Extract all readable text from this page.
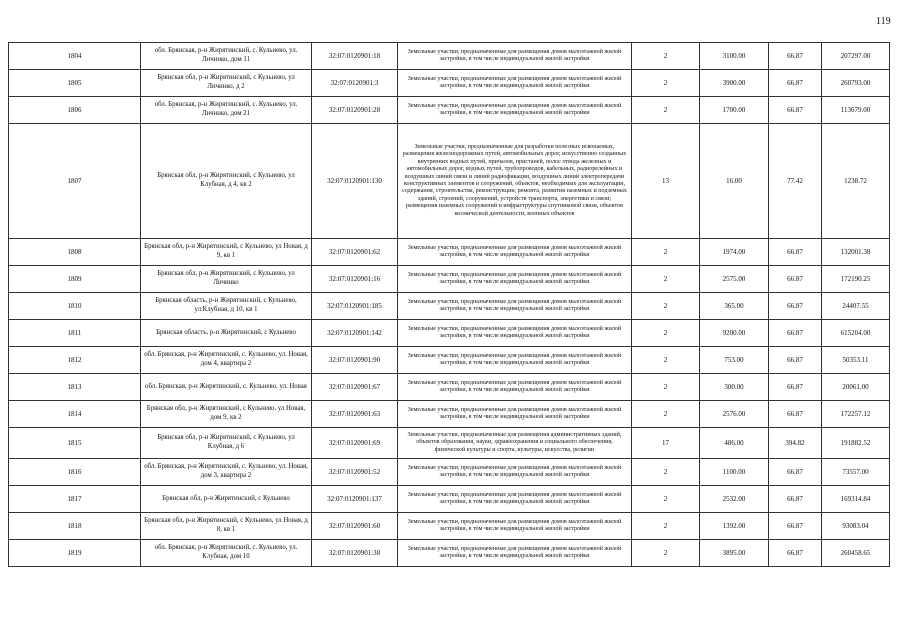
119
1804	обл. Брянская, р-н Жирятинский, с. Кульнево, ул. Личинко, дом 11	32:07:0120901:18	Земельные участки, предназначенные для размещения домов малоэтажной жилой застройки, в том числе индивидуальной жилой застройки	2	3100.00	66.87	207297.00
1805	Брянская обл, р-н Жирятинский, с Кульнево, ул Личинко, д 2	32:07:0120901:3	Земельные участки, предназначенные для размещения домов малоэтажной жилой застройки, в том числе индивидуальной жилой застройки	2	3900.00	66.87	260793.00
1806	обл. Брянская, р-н Жирятинский, с. Кульнево, ул. Личинко, дом 21	32:07:0120901:28	Земельные участки, предназначенные для размещения домов малоэтажной жилой застройки, в том числе индивидуальной жилой застройки	2	1700.00	66.87	113679.00
1807	Брянская обл, р-н Жирятинский, с Кульнево, ул Клубная, д 4, кв 2	32:07:0120901:130	Земельные участки, предназначенные для разработки полезных ископаемых, размещения железнодорожных путей, автомобильных дорог, искусственно созданных внутренних водных путей, причалов, пристаней, полос отвода железных и автомобильных дорог, водных путей, трубопроводов, кабельных, радиорелейных и воздушных линий связи и линий радиофикации, воздушных линий электропередачи конструктивных элементов и сооружений, объектов, необходимых для эксплуатации, содержания, строительства, реконструкции, ремонта, развития наземных и подземных зданий, строений, сооружений, устройств транспорта, энергетики и связи; размещения наземных сооружений и инфраструктуры спутниковой связи, объектов космической деятельности, военных объектов	13	16.00	77.42	1238.72
1808	Брянская обл, р-н Жирятинский, с Кульнево, ул Новая, д 9, кв 1	32:07:0120901:62	Земельные участки, предназначенные для размещения домов малоэтажной жилой застройки, в том числе индивидуальной жилой застройки	2	1974.00	66.87	132001.38
1809	Брянская обл, р-н Жирятинский, с Кульнево, ул Личинко	32:07:0120901:16	Земельные участки, предназначенные для размещения домов малоэтажной жилой застройки, в том числе индивидуальной жилой застройки	2	2575.00	66.87	172190.25
1810	Брянская область, р-н Жирятинский, с Кульнево, ул.Клубная, д 10, кв 1	32:07:0120901:185	Земельные участки, предназначенные для размещения домов малоэтажной жилой застройки, в том числе индивидуальной жилой застройки	2	365.00	66.87	24407.55
1811	Брянская область, р-н Жирятинский, с Кульнево	32:07:0120901:142	Земельные участки, предназначенные для размещения домов малоэтажной жилой застройки, в том числе индивидуальной жилой застройки	2	9200.00	66.87	615204.00
1812	обл. Брянская, р-н Жирятинский, с. Кульнево, ул. Новая, дом 4, квартира 2	32:07:0120901:90	Земельные участки, предназначенные для размещения домов малоэтажной жилой застройки, в том числе индивидуальной жилой застройки	2	753.00	66.87	50353.11
1813	обл. Брянская, р-н Жирятинский, с. Кульнево, ул. Новая	32:07:0120901:67	Земельные участки, предназначенные для размещения домов малоэтажной жилой застройки, в том числе индивидуальной жилой застройки	2	300.00	66.87	20061.00
1814	Брянская обл, р-н Жирятинский, с Кульнево, ул Новая, дом 9, кв 2	32:07:0120901:63	Земельные участки, предназначенные для размещения домов малоэтажной жилой застройки, в том числе индивидуальной жилой застройки	2	2576.00	66.87	172257.12
1815	Брянская обл, р-н Жирятинский, с Кульнево, ул Клубная, д 6	32:07:0120901:69	Земельные участки, предназначенные для размещения административных зданий, объектов образования, науки, здравоохранения и социального обеспечения, физической культуры и спорта, культуры, искусства, религии	17	486.00	394.82	191882.52
1816	обл. Брянская, р-н Жирятинский, с. Кульнево, ул. Новая, дом 3, квартира 2	32:07:0120901:52	Земельные участки, предназначенные для размещения домов малоэтажной жилой застройки, в том числе индивидуальной жилой застройки	2	1100.00	66.87	73557.00
1817	Брянская обл, р-н Жирятинский, с Кульнево	32:07:0120901:137	Земельные участки, предназначенные для размещения домов малоэтажной жилой застройки, в том числе индивидуальной жилой застройки	2	2532.00	66.87	169314.84
1818	Брянская обл, р-н Жирятинский, с Кульнево, ул Новая, д 8, кв 1	32:07:0120901:60	Земельные участки, предназначенные для размещения домов малоэтажной жилой застройки, в том числе индивидуальной жилой застройки	2	1392.00	66.87	93083.04
1819	обл. Брянская, р-н Жирятинский, с. Кульнево, ул. Клубная, дом 10	32:07:0120901:38	Земельные участки, предназначенные для размещения домов малоэтажной жилой застройки, в том числе индивидуальной жилой застройки	2	3895.00	66.87	260458.65
